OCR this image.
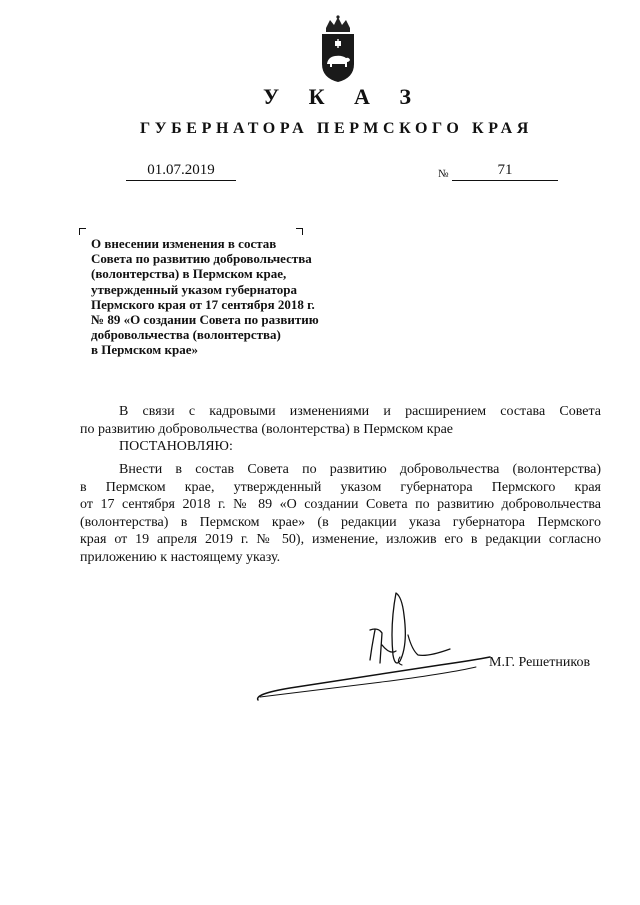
У К А З
ГУБЕРНАТОРА ПЕРМСКОГО КРАЯ
01.07.2019	№	71
О внесении изменения в состав
Совета по развитию добровольчества
(волонтерства) в Пермском крае,
утвержденный указом губернатора
Пермского края от 17 сентября 2018 г.
№ 89 «О создании Совета по развитию
добровольчества (волонтерства)
в Пермском крае»
В связи с кадровыми изменениями и расширением состава Совета
по развитию добровольчества (волонтерства) в Пермском крае
ПОСТАНОВЛЯЮ:
Внести в состав Совета по развитию добровольчества (волонтерства)
в Пермском крае, утвержденный указом губернатора Пермского края
от 17 сентября 2018 г. № 89 «О создании Совета по развитию добровольчества
(волонтерства) в Пермском крае» (в редакции указа губернатора Пермского
края от 19 апреля 2019 г. № 50), изменение, изложив его в редакции согласно
приложению к настоящему указу.
М.Г. Решетников
